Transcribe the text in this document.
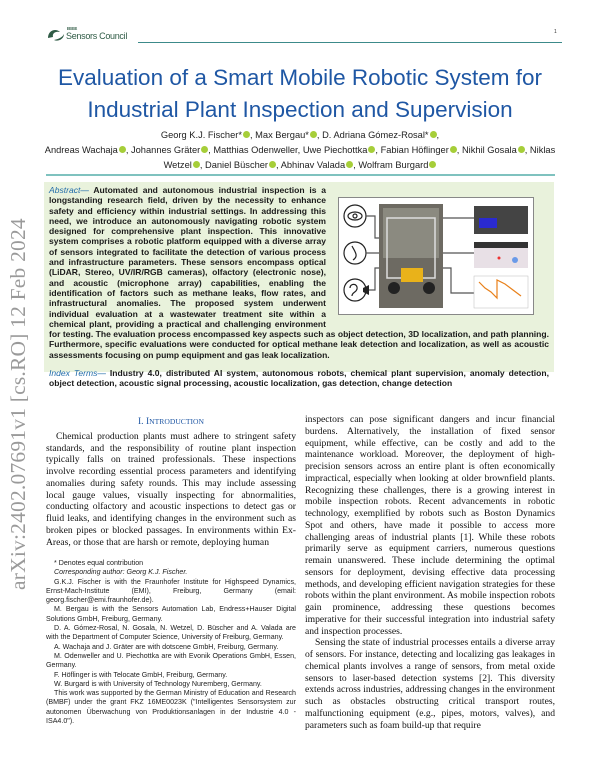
IEEE
Sensors Council	1
Evaluation of a Smart Mobile Robotic System for Industrial Plant Inspection and Supervision
Georg K.J. Fischer* , Max Bergau* , D. Adriana Gómez-Rosal* ,
Andreas Wachaja , Johannes Gräter , Matthias Odenweller, Uwe Piechottka , Fabian Höflinger , Nikhil Gosala , Niklas Wetzel , Daniel Büscher , Abhinav Valada , Wolfram Burgard
Abstract— Automated and autonomous industrial inspection is a longstanding research field, driven by the necessity to enhance safety and efficiency within industrial settings. In addressing this need, we introduce an autonomously navigating robotic system designed for comprehensive plant inspection. This innovative system comprises a robotic platform equipped with a diverse array of sensors integrated to facilitate the detection of various process and infrastructure parameters. These sensors encompass optical (LiDAR, Stereo, UV/IR/RGB cameras), olfactory (electronic nose), and acoustic (microphone array) capabilities, enabling the identification of factors such as methane leaks, flow rates, and infrastructural anomalies. The proposed system underwent individual evaluation at a wastewater treatment site within a chemical plant, providing a practical and challenging environment for testing. The evaluation process encompassed key aspects such as object detection, 3D localization, and path planning. Furthermore, specific evaluations were conducted for optical methane leak detection and localization, as well as acoustic assessments focusing on pump equipment and gas leak localization.
Index Terms— Industry 4.0, distributed AI system, autonomous robots, chemical plant supervision, anomaly detection, object detection, acoustic signal processing, acoustic localization, gas detection, change detection
arXiv:2402.07691v1 [cs.RO] 12 Feb 2024	I. INTRODUCTION

Chemical production plants must adhere to stringent safety standards, and the responsibility of routine plant inspection typically falls on trained professionals. These inspections involve recording essential process parameters and identifying anomalies during safety rounds. This may include assessing local gauge values, visually inspecting for abnormalities, conducting olfactory and acoustic inspections to detect gas or fluid leaks, and identifying changes in the environment such as broken pipes or blocked passages. In environments within Ex-Areas, or those that are harsh or remote, deploying human

* Denotes equal contribution

Corresponding author: Georg K.J. Fischer.

G.K.J. Fischer is with the Fraunhofer Institute for Highspeed Dynamics, Ernst-Mach-Institute (EMI), Freiburg, Germany (email: georg.fischer@emi.fraunhofer.de).

M. Bergau is with the Sensors Automation Lab, Endress+Hauser Digital Solutions GmbH, Freiburg, Germany.

D. A. Gómez-Rosal, N. Gosala, N. Wetzel, D. Büscher and A. Valada are with the Department of Computer Science, University of Freiburg, Germany.

A. Wachaja and J. Gräter are with dotscene GmbH, Freiburg, Germany.

M. Odenweller and U. Piechottka are with Evonik Operations GmbH, Essen, Germany.

F. Höflinger is with Telocate GmbH, Freiburg, Germany.

W. Burgard is with University of Technology Nuremberg, Germany.

This work was supported by the German Ministry of Education and Research (BMBF) under the grant FKZ 16ME0023K ("Intelligentes Sensorsystem zur autonomen Überwachung von Produktionsanlagen in der Industrie 4.0 - ISA4.0").

inspectors can pose significant dangers and incur financial burdens. Alternatively, the installation of fixed sensor equipment, while effective, can be costly and add to the maintenance workload. Moreover, the deployment of high-precision sensors across an entire plant is often economically impractical, especially when looking at older brownfield plants. Recognizing these challenges, there is a growing interest in mobile inspection robots. Recent advancements in robotic technology, exemplified by robots such as Boston Dynamics Spot and others, have made it possible to access more challenging areas of industrial plants [1]. While these robots primarily serve as equipment carriers, numerous questions remain unanswered. These include determining the optimal sensors for deployment, devising effective data processing methods, and developing efficient navigation strategies for these robots within the plant environment. As mobile inspection robots gain prominence, addressing these questions becomes imperative for their successful integration into industrial safety and inspection processes.

Sensing the state of industrial processes entails a diverse array of sensors. For instance, detecting and localizing gas leakages in chemical plants involves a range of sensors, from metal oxide sensors to laser-based detection systems [2]. This diversity extends across industries, addressing changes in the environment such as obstacles obstructing critical transport routes, malfunctioning equipment (e.g., pipes, motors, valves), and parameters such as foam build-up that require
